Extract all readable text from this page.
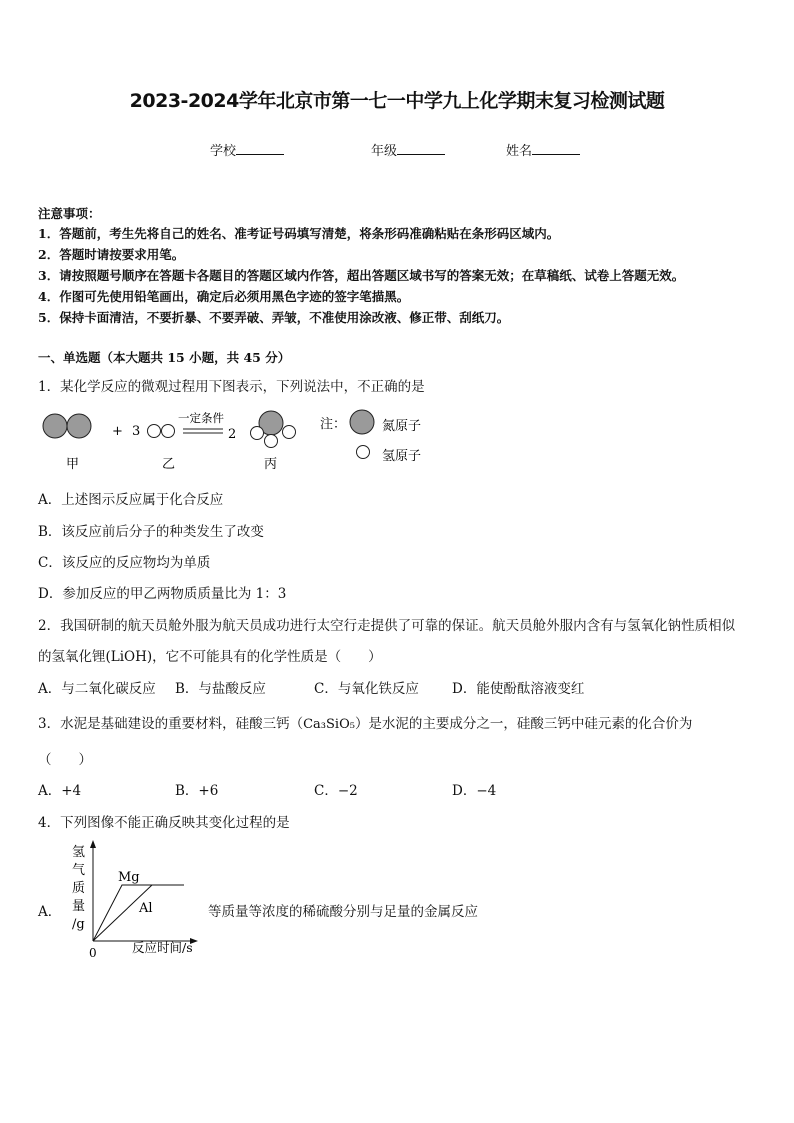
2023-2024学年北京市第一七一中学九上化学期末复习检测试题
学校	年级	姓名
注意事项：
1．答题前，考生先将自己的姓名、准考证号码填写清楚，将条形码准确粘贴在条形码区域内。
2．答题时请按要求用笔。
3．请按照题号顺序在答题卡各题目的答题区域内作答，超出答题区域书写的答案无效；在草稿纸、试卷上答题无效。
4．作图可先使用铅笔画出，确定后必须用黑色字迹的签字笔描黑。
5．保持卡面清洁，不要折暴、不要弄破、弄皱，不准使用涂改液、修正带、刮纸刀。
一、单选题（本大题共 15 小题，共 45 分）
1．某化学反应的微观过程用下图表示，下列说法中，不正确的是
+ 3
一定条件
2
甲	乙	丙
注：	氮原子
氢原子
A．上述图示反应属于化合反应
B．该反应前后分子的种类发生了改变
C．该反应的反应物均为单质
D．参加反应的甲乙两物质质量比为 1：3
2．我国研制的航天员舱外服为航天员成功进行太空行走提供了可靠的保证。航天员舱外服内含有与氢氧化钠性质相似
的氢氧化锂(LiOH)，它不可能具有的化学性质是（　　）
A．与二氧化碳反应 B．与盐酸反应	C．与氧化铁反应 D．能使酚酞溶液变红
3．水泥是基础建设的重要材料，硅酸三钙（Ca₃SiO₅）是水泥的主要成分之一，硅酸三钙中硅元素的化合价为
（　　）
A．+4	B．+6	C．−2	D．−4
4．下列图像不能正确反映其变化过程的是
A．
氢
气
质
量
/g
0	反应时间/s
Mg
Al	等质量等浓度的稀硫酸分别与足量的金属反应
